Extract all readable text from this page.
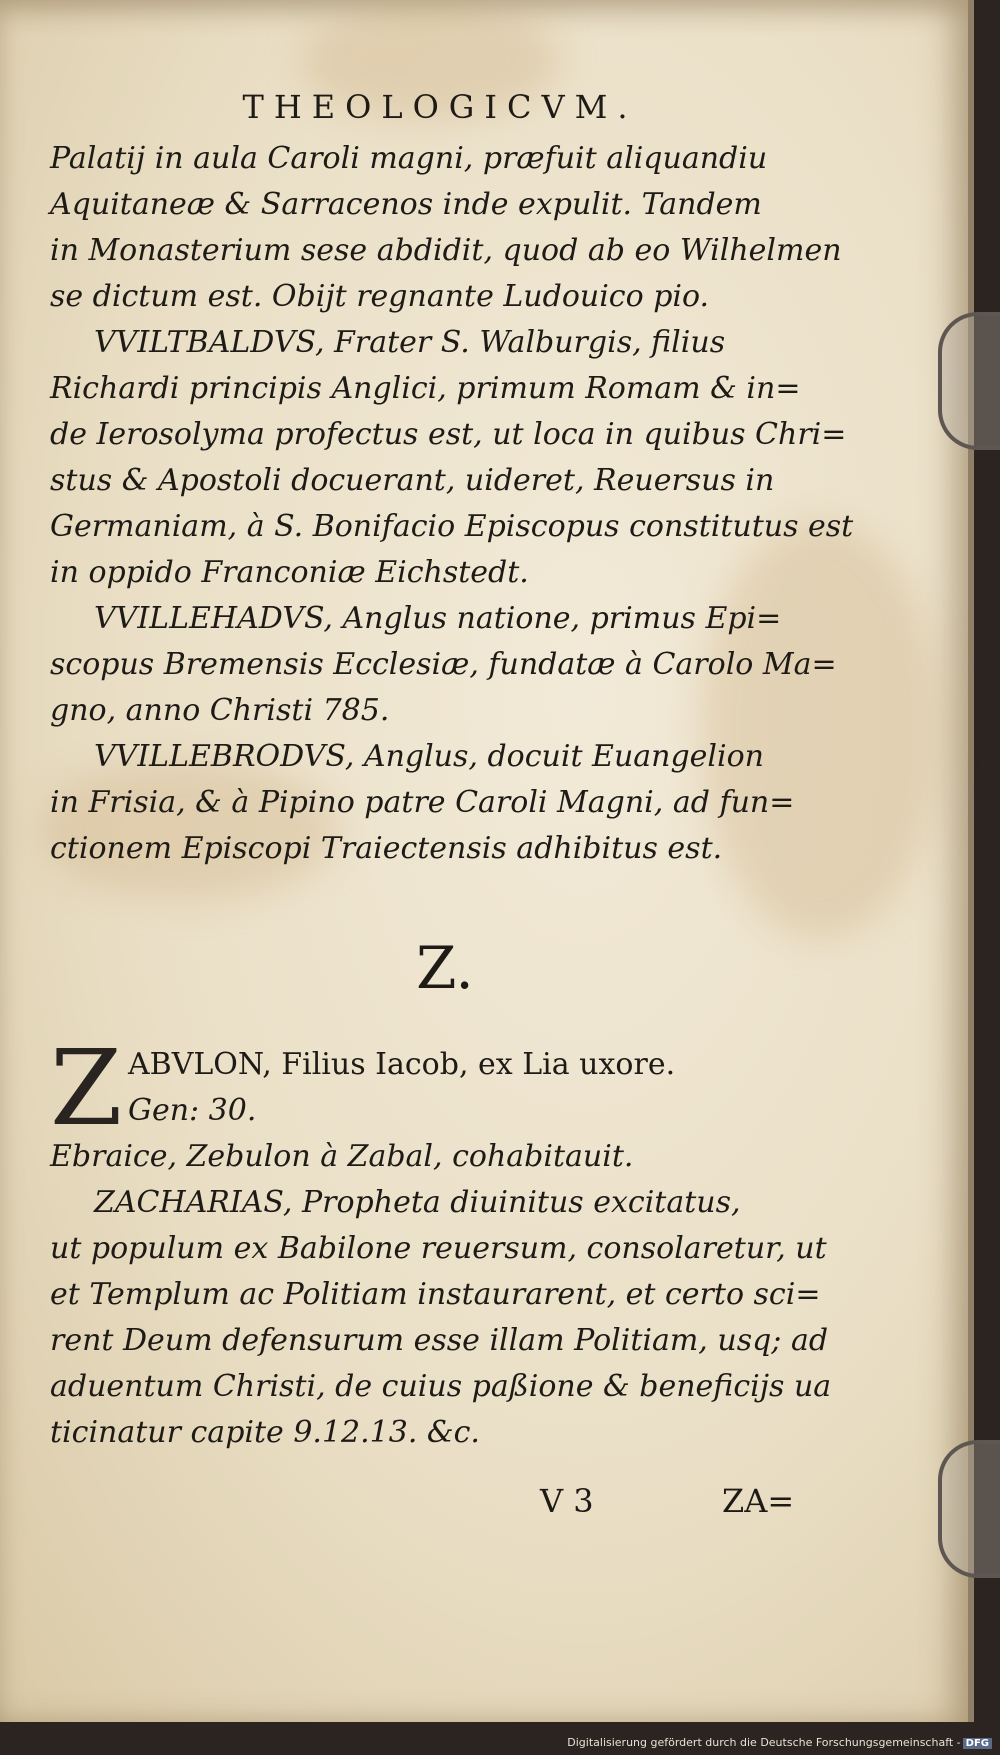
THEOLOGICVM.
Palatij in aula Caroli magni, præfuit aliquandiu
Aquitaneæ & Sarracenos inde expulit. Tandem
in Monasterium sese abdidit, quod ab eo Wilhelmen
se dictum est. Obijt regnante Ludouico pio.
VVILTBALDVS, Frater S. Walburgis, filius
Richardi principis Anglici, primum Romam & in=
de Ierosolyma profectus est, ut loca in quibus Chri=
stus & Apostoli docuerant, uideret, Reuersus in
Germaniam, à S. Bonifacio Episcopus constitutus est
in oppido Franconiæ Eichstedt.
VVILLEHADVS, Anglus natione, primus Epi=
scopus Bremensis Ecclesiæ, fundatæ à Carolo Ma=
gno, anno Christi 785.
VVILLEBRODVS, Anglus, docuit Euangelion
in Frisia, & à Pipino patre Caroli Magni, ad fun=
ctionem Episcopi Traiectensis adhibitus est.
Z.
Z ABVLON, Filius Iacob, ex Lia uxore.
Gen: 30.
Ebraice, Zebulon à Zabal, cohabitauit.
ZACHARIAS, Propheta diuinitus excitatus,
ut populum ex Babilone reuersum, consolaretur, ut
et Templum ac Politiam instaurarent, et certo sci=
rent Deum defensurum esse illam Politiam, usq; ad
aduentum Christi, de cuius paßione & beneficijs ua
ticinatur capite 9.12.13. &c.
V 3	ZA=
Digitalisierung gefördert durch die Deutsche Forschungsgemeinschaft - DFG
